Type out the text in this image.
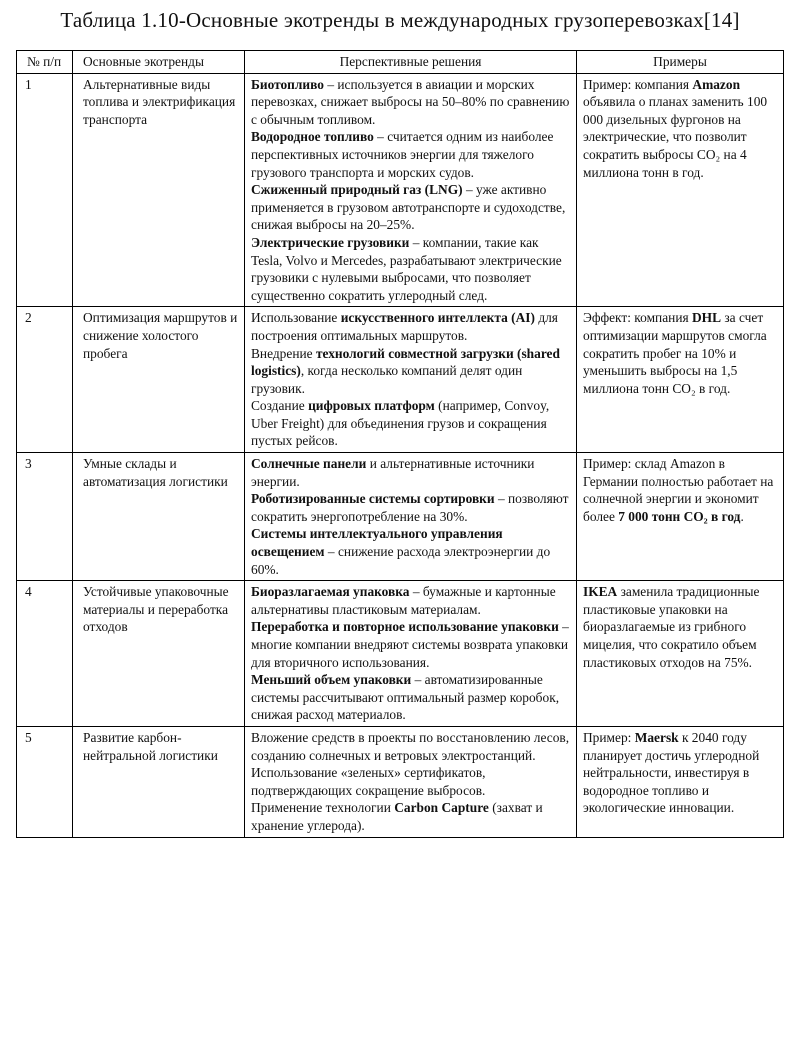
Таблица 1.10-Основные экотренды в международных грузоперевозках[14]
№ п/п	Основные экотренды	Перспективные решения	Примеры
1	Альтернативные виды топлива и электрификация транспорта	Биотопливо – используется в авиации и морских перевозках, снижает выбросы на 50–80% по сравнению с обычным топливом.
Водородное топливо – считается одним из наиболее перспективных источников энергии для тяжелого грузового транспорта и морских судов.
Сжиженный природный газ (LNG) – уже активно применяется в грузовом автотранспорте и судоходстве, снижая выбросы на 20–25%.
Электрические грузовики – компании, такие как Tesla, Volvo и Mercedes, разрабатывают электрические грузовики с нулевыми выбросами, что позволяет существенно сократить углеродный след.	Пример: компания Amazon объявила о планах заменить 100 000 дизельных фургонов на электрические, что позволит сократить выбросы CO₂ на 4 миллиона тонн в год.
2	Оптимизация маршрутов и снижение холостого пробега	Использование искусственного интеллекта (AI) для построения оптимальных маршрутов.
Внедрение технологий совместной загрузки (shared logistics), когда несколько компаний делят один грузовик.
Создание цифровых платформ (например, Convoy, Uber Freight) для объединения грузов и сокращения пустых рейсов.	Эффект: компания DHL за счет оптимизации маршрутов смогла сократить пробег на 10% и уменьшить выбросы на 1,5 миллиона тонн CO₂ в год.
3	Умные склады и автоматизация логистики	Солнечные панели и альтернативные источники энергии.
Роботизированные системы сортировки – позволяют сократить энергопотребление на 30%.
Системы интеллектуального управления освещением – снижение расхода электроэнергии до 60%.	Пример: склад Amazon в Германии полностью работает на солнечной энергии и экономит более 7 000 тонн CO₂ в год.
4	Устойчивые упаковочные материалы и переработка отходов	Биоразлагаемая упаковка – бумажные и картонные альтернативы пластиковым материалам.
Переработка и повторное использование упаковки – многие компании внедряют системы возврата упаковки для вторичного использования.
Меньший объем упаковки – автоматизированные системы рассчитывают оптимальный размер коробок, снижая расход материалов.	IKEA заменила традиционные пластиковые упаковки на биоразлагаемые из грибного мицелия, что сократило объем пластиковых отходов на 75%.
5	Развитие карбон-нейтральной логистики	Вложение средств в проекты по восстановлению лесов, созданию солнечных и ветровых электростанций.
Использование «зеленых» сертификатов, подтверждающих сокращение выбросов.
Применение технологии Carbon Capture (захват и хранение углерода).	Пример: Maersk к 2040 году планирует достичь углеродной нейтральности, инвестируя в водородное топливо и экологические инновации.
